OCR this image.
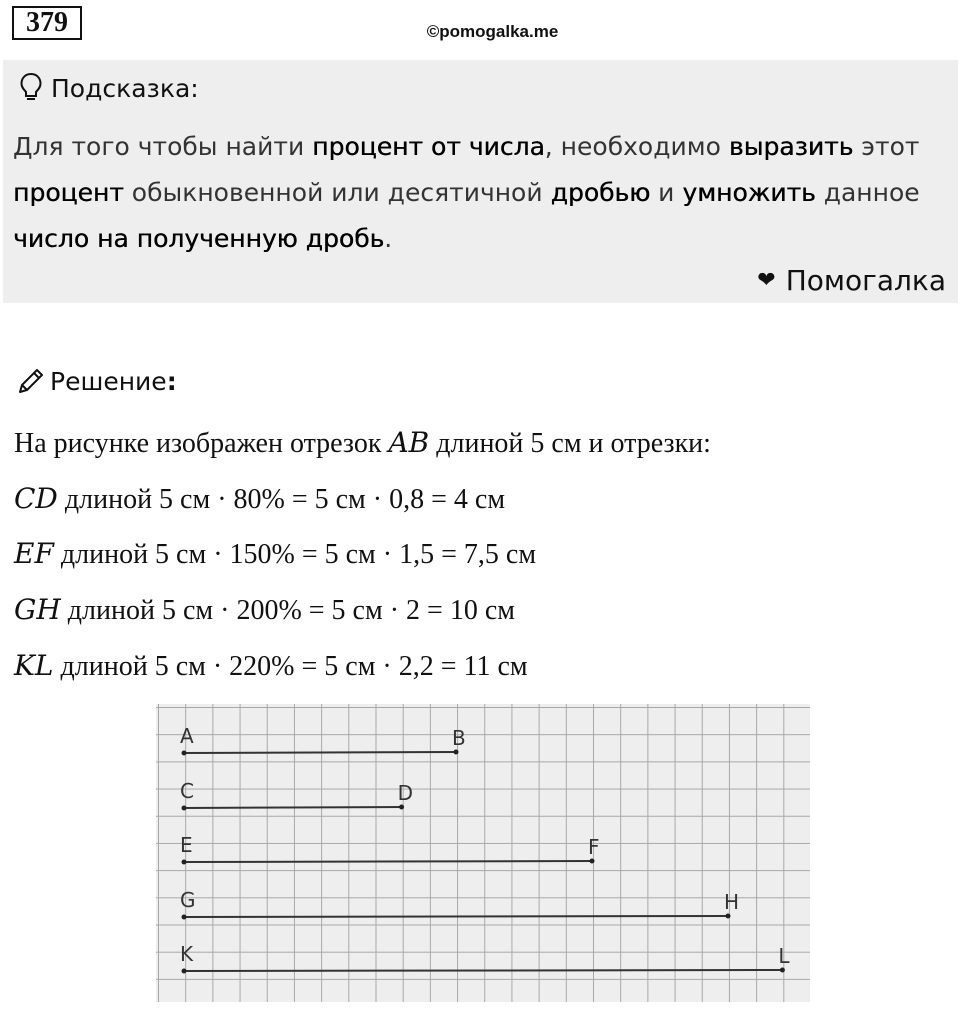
379	©pomogalka.me
Подсказка:
Для того чтобы найти процент от числа, необходимо выразить этот процент обыкновенной или десятичной дробью и умножить данное число на полученную дробь.
❤ Помогалка
Решение:
На рисунке изображен отрезок AB длиной 5 см и отрезки:
CD длиной 5 см · 80% = 5 см · 0,8 = 4 см
EF длиной 5 см · 150% = 5 см · 1,5 = 7,5 см
GH длиной 5 см · 200% = 5 см · 2 = 10 см
KL длиной 5 см · 220% = 5 см · 2,2 = 11 см
A	B
C	D
E	F
G	H
K	L
